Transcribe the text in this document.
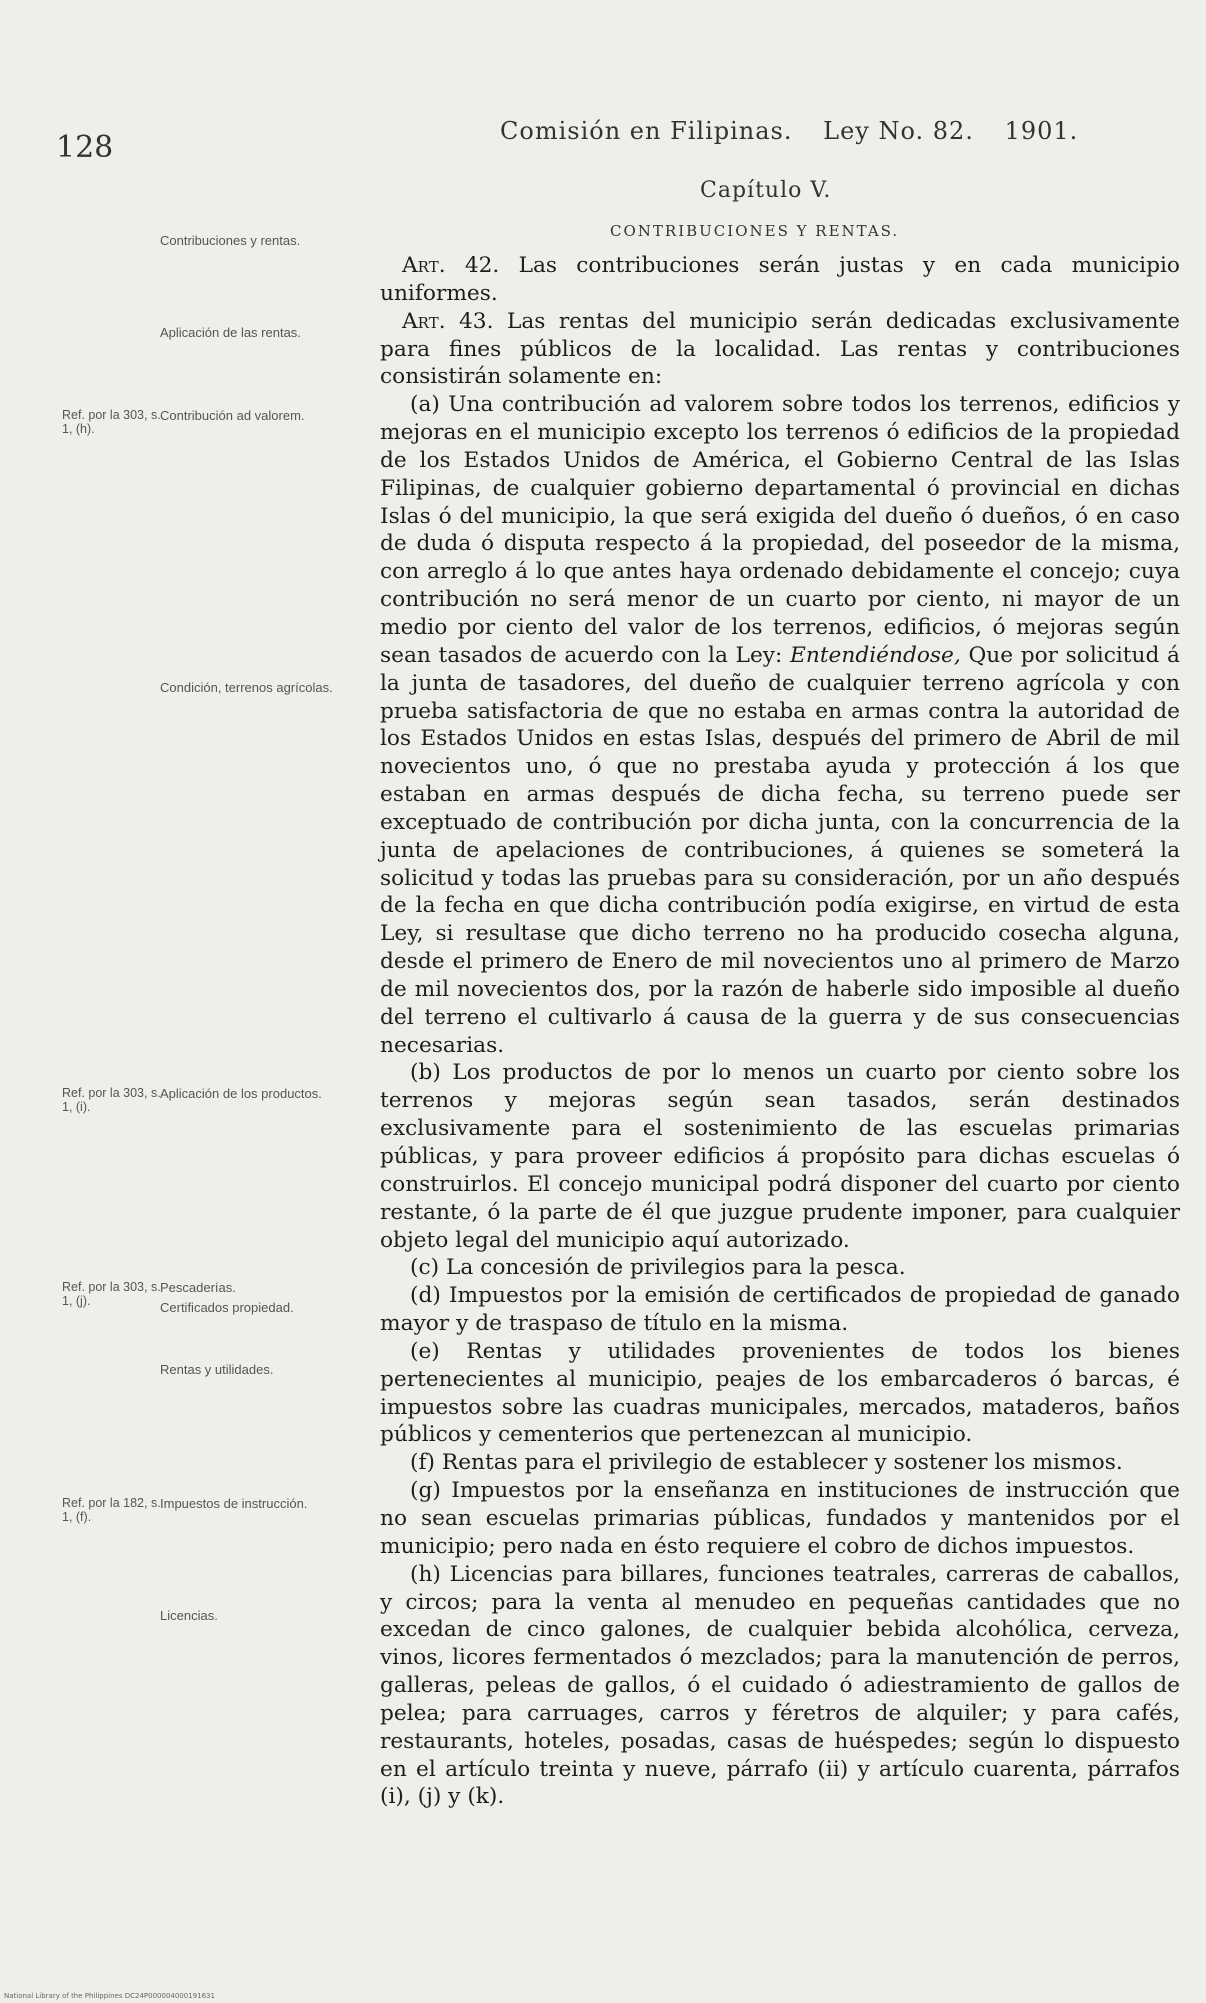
128	Comisión en Filipinas. Ley No. 82. 1901.
Capítulo V.
CONTRIBUCIONES Y RENTAS.
Contribuciones y rentas.
Aplicación de las rentas.
Ref. por la 303, s. 1, (h).
Contribución ad valorem.
Condición, terrenos agrícolas.
Ref. por la 303, s. 1, (i).
Aplicación de los productos.
Ref. por la 303, s. 1, (j).
Pescaderías.
Certificados propiedad.
Rentas y utilidades.
Ref. por la 182, s. 1, (f).
Impuestos de instrucción.
Licencias.

Art. 42. Las contribuciones serán justas y en cada municipio uniformes.

Art. 43. Las rentas del municipio serán dedicadas exclusivamente para fines públicos de la localidad. Las rentas y contribuciones consistirán solamente en:

(a) Una contribución ad valorem sobre todos los terrenos, edificios y mejoras en el municipio excepto los terrenos ó edificios de la propiedad de los Estados Unidos de América, el Gobierno Central de las Islas Filipinas, de cualquier gobierno departamental ó provincial en dichas Islas ó del municipio, la que será exigida del dueño ó dueños, ó en caso de duda ó disputa respecto á la propiedad, del poseedor de la misma, con arreglo á lo que antes haya ordenado debidamente el concejo; cuya contribución no será menor de un cuarto por ciento, ni mayor de un medio por ciento del valor de los terrenos, edificios, ó mejoras según sean tasados de acuerdo con la Ley: Entendiéndose, Que por solicitud á la junta de tasadores, del dueño de cualquier terreno agrícola y con prueba satisfactoria de que no estaba en armas contra la autoridad de los Estados Unidos en estas Islas, después del primero de Abril de mil novecientos uno, ó que no prestaba ayuda y protección á los que estaban en armas después de dicha fecha, su terreno puede ser exceptuado de contribución por dicha junta, con la concurrencia de la junta de apelaciones de contribuciones, á quienes se someterá la solicitud y todas las pruebas para su consideración, por un año después de la fecha en que dicha contribución podía exigirse, en virtud de esta Ley, si resultase que dicho terreno no ha producido cosecha alguna, desde el primero de Enero de mil novecientos uno al primero de Marzo de mil novecientos dos, por la razón de haberle sido imposible al dueño del terreno el cultivarlo á causa de la guerra y de sus consecuencias necesarias.

(b) Los productos de por lo menos un cuarto por ciento sobre los terrenos y mejoras según sean tasados, serán destinados exclusivamente para el sostenimiento de las escuelas primarias públicas, y para proveer edificios á propósito para dichas escuelas ó construirlos. El concejo municipal podrá disponer del cuarto por ciento restante, ó la parte de él que juzgue prudente imponer, para cualquier objeto legal del municipio aquí autorizado.

(c) La concesión de privilegios para la pesca.

(d) Impuestos por la emisión de certificados de propiedad de ganado mayor y de traspaso de título en la misma.

(e) Rentas y utilidades provenientes de todos los bienes pertenecientes al municipio, peajes de los embarcaderos ó barcas, é impuestos sobre las cuadras municipales, mercados, mataderos, baños públicos y cementerios que pertenezcan al municipio.

(f) Rentas para el privilegio de establecer y sostener los mismos.

(g) Impuestos por la enseñanza en instituciones de instrucción que no sean escuelas primarias públicas, fundados y mantenidos por el municipio; pero nada en ésto requiere el cobro de dichos impuestos.

(h) Licencias para billares, funciones teatrales, carreras de caballos, y circos; para la venta al menudeo en pequeñas cantidades que no excedan de cinco galones, de cualquier bebida alcohólica, cerveza, vinos, licores fermentados ó mezclados; para la manutención de perros, galleras, peleas de gallos, ó el cuidado ó adiestramiento de gallos de pelea; para carruages, carros y féretros de alquiler; y para cafés, restaurants, hoteles, posadas, casas de huéspedes; según lo dispuesto en el artículo treinta y nueve, párrafo (ii) y artículo cuarenta, párrafos (i), (j) y (k).

National Library of the Philippines DC24P000004000191631
